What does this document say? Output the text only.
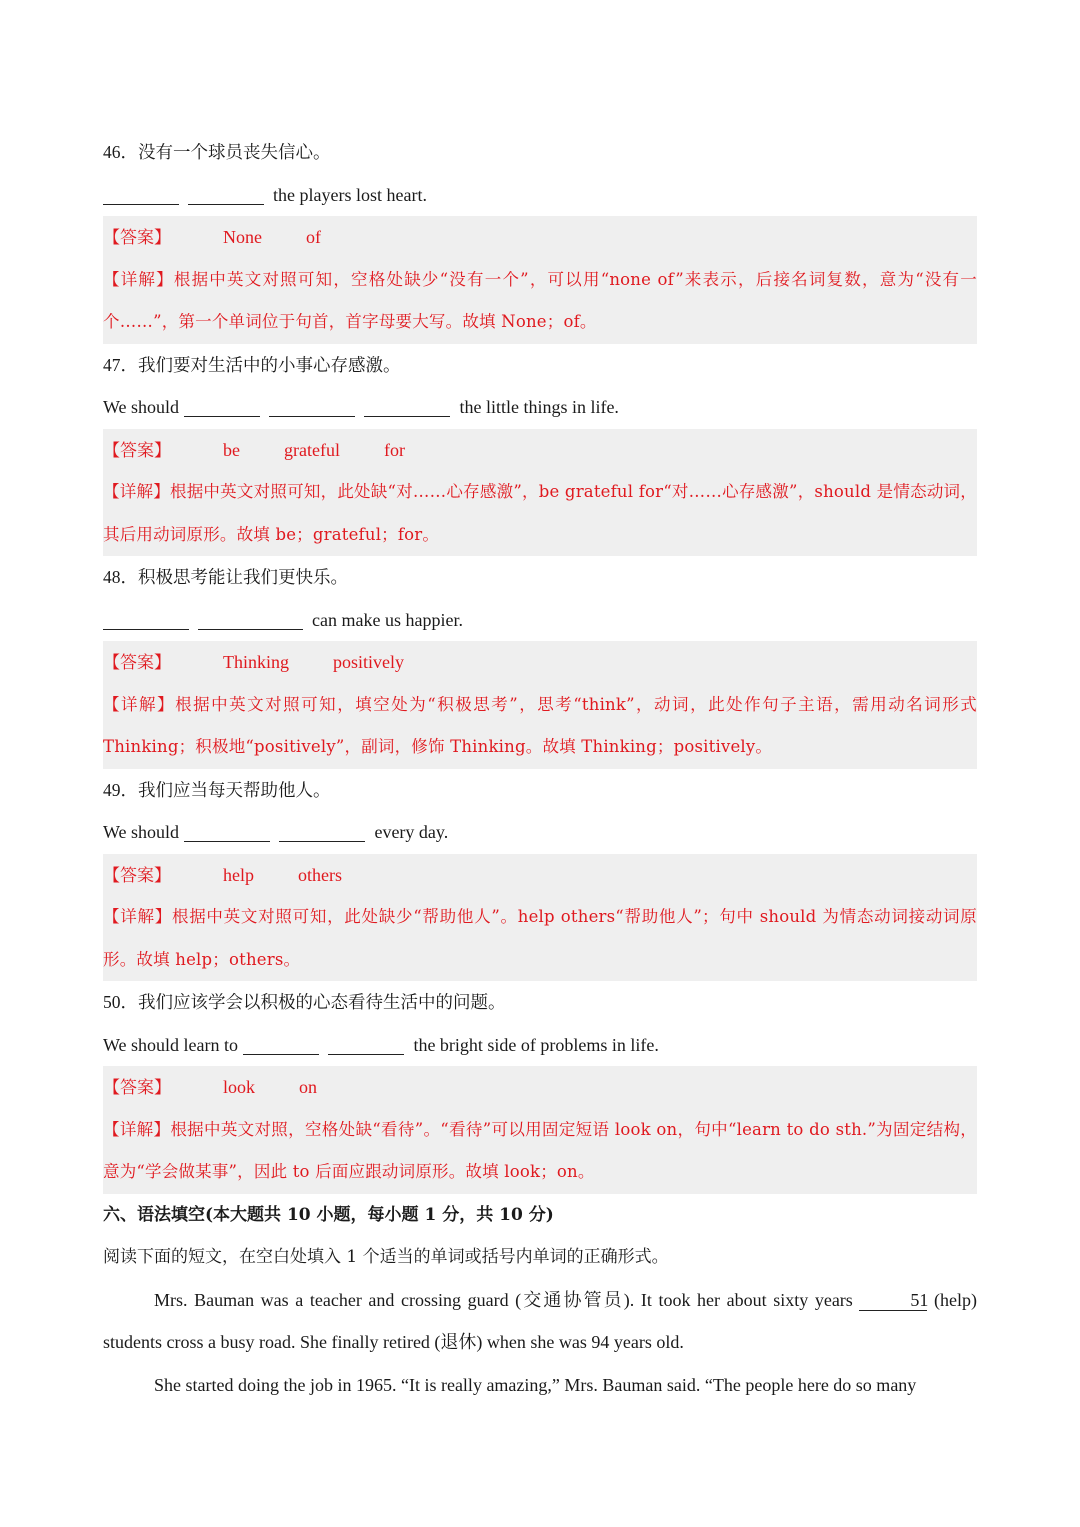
46．没有一个球员丧失信心。
the players lost heart.
【答案】	None of
【详解】根据中英文对照可知，空格处缺少“没有一个”，可以用“none of”来表示，后接名词复数，意为“没有一个……”，第一个单词位于句首，首字母要大写。故填 None；of。
47．我们要对生活中的小事心存感激。
We should	the little things in life.
【答案】	be grateful for
【详解】根据中英文对照可知，此处缺“对……心存感激”，be grateful for“对……心存感激”，should 是情态动词，其后用动词原形。故填 be；grateful；for。
48．积极思考能让我们更快乐。
can make us happier.
【答案】	Thinking positively
【详解】根据中英文对照可知，填空处为“积极思考”，思考“think”，动词，此处作句子主语，需用动名词形式 Thinking；积极地“positively”，副词，修饰 Thinking。故填 Thinking；positively。
49．我们应当每天帮助他人。
We should	every day.
【答案】	help others
【详解】根据中英文对照可知，此处缺少“帮助他人”。help others“帮助他人”；句中 should 为情态动词接动词原形。故填 help；others。
50．我们应该学会以积极的心态看待生活中的问题。
We should learn to	the bright side of problems in life.
【答案】	look on
【详解】根据中英文对照，空格处缺“看待”。“看待”可以用固定短语 look on，句中“learn to do sth.”为固定结构，意为“学会做某事”，因此 to 后面应跟动词原形。故填 look；on。
六、语法填空(本大题共 10 小题，每小题 1 分，共 10 分)
阅读下面的短文，在空白处填入 1 个适当的单词或括号内单词的正确形式。
Mrs. Bauman was a teacher and crossing guard (交通协管员). It took her about sixty years	51 (help) students cross a busy road. She finally retired (退休) when she was 94 years old.
She started doing the job in 1965. “It is really amazing,” Mrs. Bauman said. “The people here do so many
